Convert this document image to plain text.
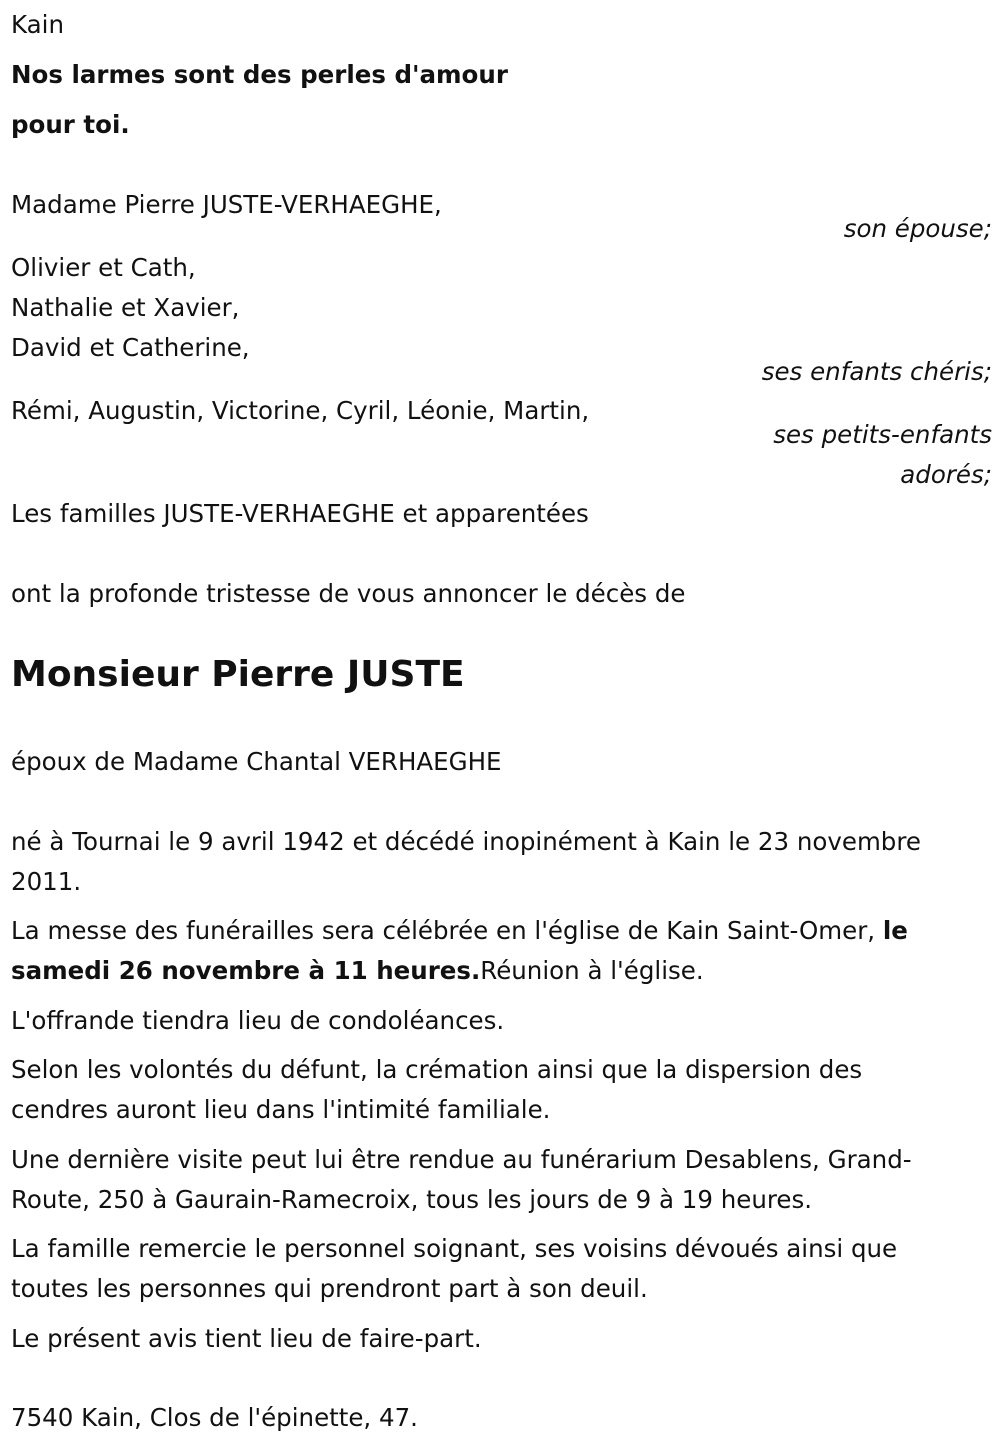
Kain
Nos larmes sont des perles d'amour
pour toi.
Madame Pierre JUSTE-VERHAEGHE,
son épouse;
Olivier et Cath,
Nathalie et Xavier,
David et Catherine,
ses enfants chéris;
Rémi, Augustin, Victorine, Cyril, Léonie, Martin,
ses petits-enfants
adorés;
Les familles JUSTE-VERHAEGHE et apparentées
ont la profonde tristesse de vous annoncer le décès de
Monsieur Pierre JUSTE
époux de Madame Chantal VERHAEGHE
né à Tournai le 9 avril 1942 et décédé inopinément à Kain le 23 novembre
2011.
La messe des funérailles sera célébrée en l'église de Kain Saint-Omer, le
samedi 26 novembre à 11 heures.Réunion à l'église.
L'offrande tiendra lieu de condoléances.
Selon les volontés du défunt, la crémation ainsi que la dispersion des
cendres auront lieu dans l'intimité familiale.
Une dernière visite peut lui être rendue au funérarium Desablens, Grand-
Route, 250 à Gaurain-Ramecroix, tous les jours de 9 à 19 heures.
La famille remercie le personnel soignant, ses voisins dévoués ainsi que
toutes les personnes qui prendront part à son deuil.
Le présent avis tient lieu de faire-part.
7540 Kain, Clos de l'épinette, 47.
